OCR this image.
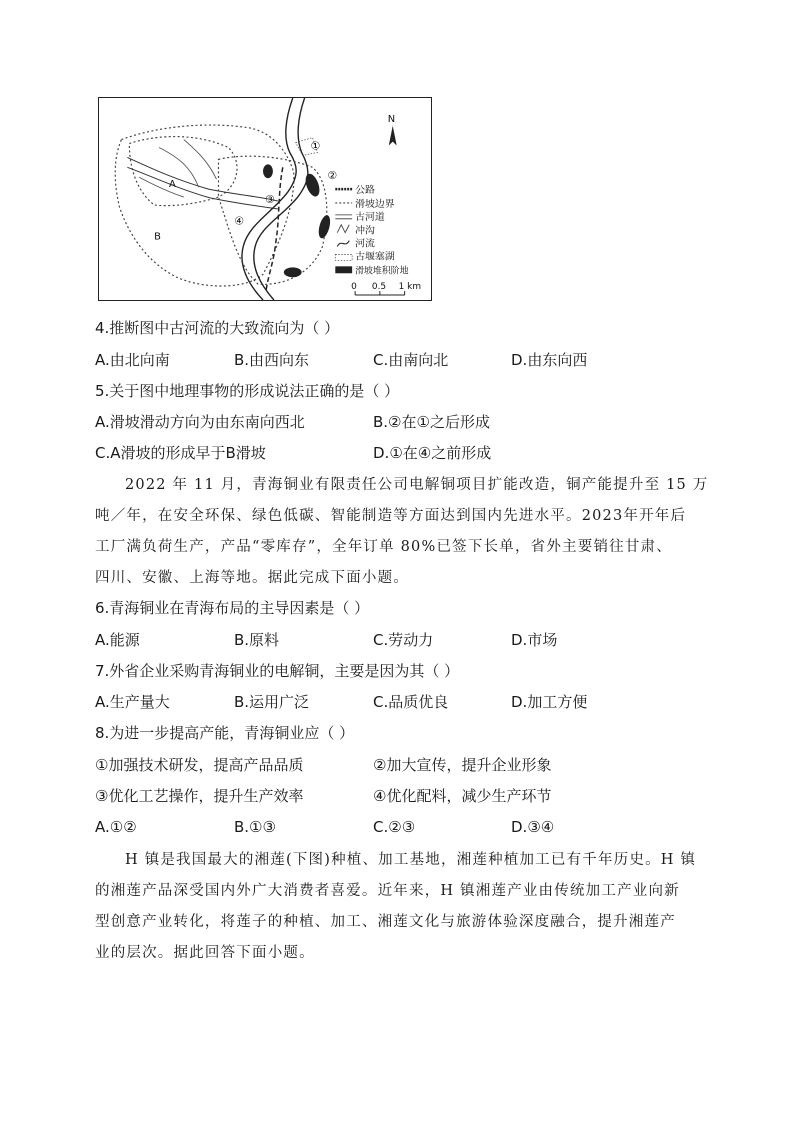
①
②
③
④
A
B
N
公路
滑坡边界
古河道
冲沟
河流
古堰塞湖
滑坡堆积阶地
0 0.5 1 km
4.推断图中古河流的大致流向为（ ）
A.由北向南	B.由西向东	C.由南向北	D.由东向西
5.关于图中地理事物的形成说法正确的是（ ）
A.滑坡滑动方向为由东南向西北	B.②在①之后形成
C.A滑坡的形成早于B滑坡	D.①在④之前形成
2022 年 11 月，青海铜业有限责任公司电解铜项目扩能改造，铜产能提升至 15 万
吨／年，在安全环保、绿色低碳、智能制造等方面达到国内先进水平。2023年开年后
工厂满负荷生产，产品“零库存”，全年订单 80%已签下长单，省外主要销往甘肃、
四川、安徽、上海等地。据此完成下面小题。
6.青海铜业在青海布局的主导因素是（ ）
A.能源	B.原料	C.劳动力	D.市场
7.外省企业采购青海铜业的电解铜，主要是因为其（ ）
A.生产量大	B.运用广泛	C.品质优良	D.加工方便
8.为进一步提高产能，青海铜业应（ ）
①加强技术研发，提高产品品质	②加大宣传，提升企业形象
③优化工艺操作，提升生产效率	④优化配料，减少生产环节
A.①②	B.①③	C.②③	D.③④
H 镇是我国最大的湘莲(下图)种植、加工基地，湘莲种植加工已有千年历史。H 镇
的湘莲产品深受国内外广大消费者喜爱。近年来，H 镇湘莲产业由传统加工产业向新
型创意产业转化，将莲子的种植、加工、湘莲文化与旅游体验深度融合，提升湘莲产
业的层次。据此回答下面小题。
